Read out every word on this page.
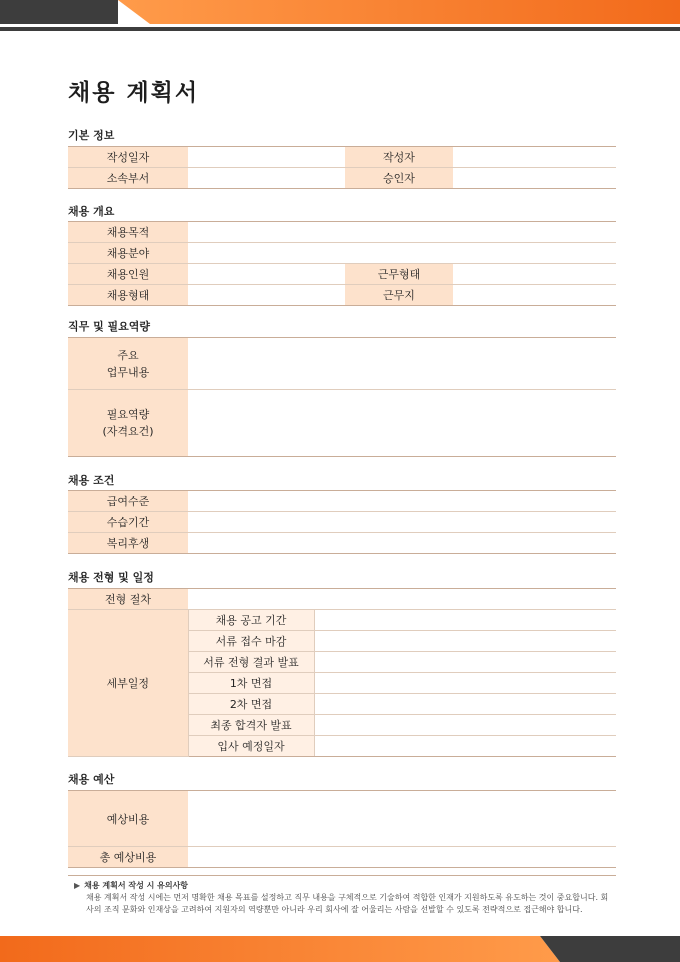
채용 계획서
기본 정보
작성일자		작성자	
소속부서		승인자	
채용 개요
채용목적			
채용분야			
채용인원		근무형태	
채용형태		근무지	
직무 및 필요역량
주요
업무내용	

필요역량
(자격요건)	

채용 조건
급여수준	
수습기간	
복리후생	
채용 전형 및 일정
전형 절차		
세부일정	채용 공고 기간	
	서류 접수 마감	
	서류 전형 결과 발표	
	1차 면접	
	2차 면접	
	최종 합격자 발표	
	입사 예정일자	
채용 예산
예상비용	
총 예상비용	
▶ 채용 계획서 작성 시 유의사항
채용 계획서 작성 시에는 먼저 명확한 채용 목표를 설정하고 직무 내용을 구체적으로 기술하여 적합한 인재가 지원하도록 유도하는 것이 중요합니다. 회사의 조직 문화와 인재상을 고려하여 지원자의 역량뿐만 아니라 우리 회사에 잘 어울리는 사람을 선발할 수 있도록 전략적으로 접근해야 합니다.
